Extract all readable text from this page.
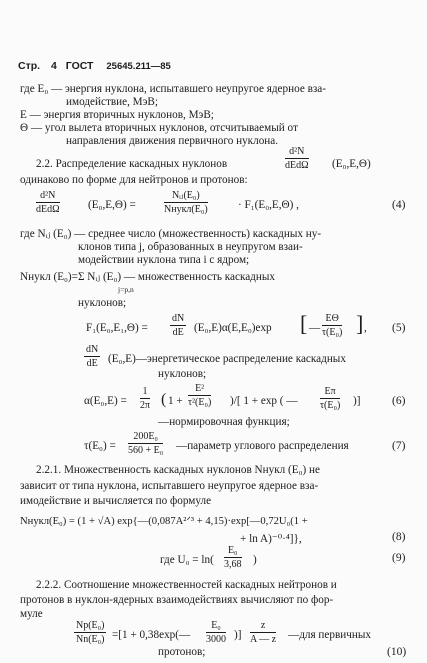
Стр. 4 ГОСТ 25645.211—85
где E₀ — энергия нуклона, испытавшего неупругое ядерное вза-
имодействие, МэВ;
E — энергия вторичных нуклонов, МэВ;
Θ — угол вылета вторичных нуклонов, отсчитываемый от
направления движения первичного нуклона.
2.2. Распределение каскадных нуклонов
d²N
dEdΩ (E₀,E,Θ)
одинаково по форме для нейтронов и протонов:
d²N
dEdΩ	(E₀,E,Θ) =
Nᵢⱼ(E₀)
Nнукл(E₀)	· F₁(E₀,E,Θ) ,	(4)
где Nᵢⱼ (E₀) — среднее число (множественность) каскадных ну-
клонов типа j, образованных в неупругом взаи-
модействии нуклона типа i с ядром;
Nнукл (E₀)=Σ Nᵢⱼ (E₀) — множественность каскадных
j=p,n
нуклонов;
$F_1(E_0,E_1,\Theta) = \frac{dN}{dE} (E_0,E)\alpha(E,E_0)\exp$ [ — $\frac{E\Theta}{\text{τ(E₀)}}$ ] , (5)
$\frac{dN}{dE}$ (E₀,E)—энергетическое распределение каскадных
нуклонов;
$\alpha(E_0,E) = \frac{1}{2\pi}$ ( $1 + \frac{\text{E²}}{\text{τ²(E₀)}}$ )/[ 1 + exp ( — $\frac{E\pi}{\text{τ(E₀)}}$ )]	(6)
—нормировочная функция;
$\tau(E_0) = \frac{\text{200E₀}}{\text{560 + E₀}}$ —параметр углового распределения	(7)
2.2.1. Множественность каскадных нуклонов Nнукл (E₀) не
зависит от типа нуклона, испытавшего неупругое ядерное вза-
имодействие и вычисляется по формуле
Nнукл(E₀) = (1 + √A) exp{—(0,087A²ᐟ³ + 4,15)·exp[—0,72U₀(1 +
+ ln A)⁻⁰·⁴]},	(8)
где $U_0 = \ln( \frac{\text{E₀}}{3,68}$ )	(9)
2.2.2. Соотношение множественностей каскадных нейтронов и
протонов в нуклон-ядерных взаимодействиях вычисляют по фор-
муле
$\frac{\text{Np(E₀)}}{\text{Nn(E₀)}} =[1$ + 0,38exp(— $\frac{\text{E₀}}{3000}$ )] $\frac{z}{A — z}$ —для первичных
протонов;	(10)
